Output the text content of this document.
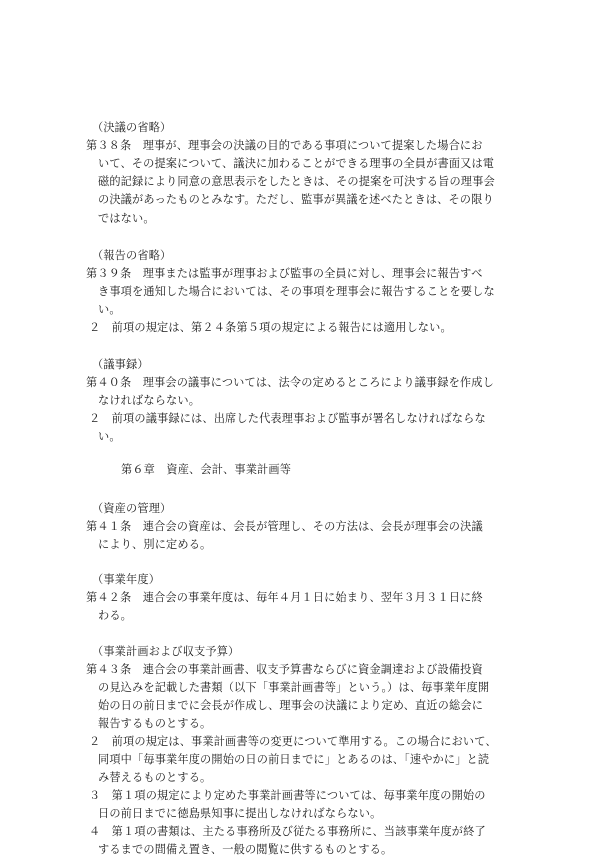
（決議の省略）

第３８条　理事が、理事会の決議の目的である事項について提案した場合にお

いて、その提案について、議決に加わることができる理事の全員が書面又は電

磁的記録により同意の意思表示をしたときは、その提案を可決する旨の理事会

の決議があったものとみなす。ただし、監事が異議を述べたときは、その限り

ではない。

（報告の省略）

第３９条　理事または監事が理事および監事の全員に対し、理事会に報告すべ

き事項を通知した場合においては、その事項を理事会に報告することを要しな

い。

２　前項の規定は、第２４条第５項の規定による報告には適用しない。

（議事録）

第４０条　理事会の議事については、法令の定めるところにより議事録を作成し

なければならない。

２　前項の議事録には、出席した代表理事および監事が署名しなければならな

い。

第６章　資産、会計、事業計画等

（資産の管理）

第４１条　連合会の資産は、会長が管理し、その方法は、会長が理事会の決議

により、別に定める。

（事業年度）

第４２条　連合会の事業年度は、毎年４月１日に始まり、翌年３月３１日に終

わる。

（事業計画および収支予算）

第４３条　連合会の事業計画書、収支予算書ならびに資金調達および設備投資

の見込みを記載した書類（以下「事業計画書等」という。）は、毎事業年度開

始の日の前日までに会長が作成し、理事会の決議により定め、直近の総会に

報告するものとする。

２　前項の規定は、事業計画書等の変更について準用する。この場合において、

同項中「毎事業年度の開始の日の前日までに」とあるのは、「速やかに」と読

み替えるものとする。

３　第１項の規定により定めた事業計画書等については、毎事業年度の開始の

日の前日までに徳島県知事に提出しなければならない。

４　第１項の書類は、主たる事務所及び従たる事務所に、当該事業年度が終了

するまでの間備え置き、一般の閲覧に供するものとする。
